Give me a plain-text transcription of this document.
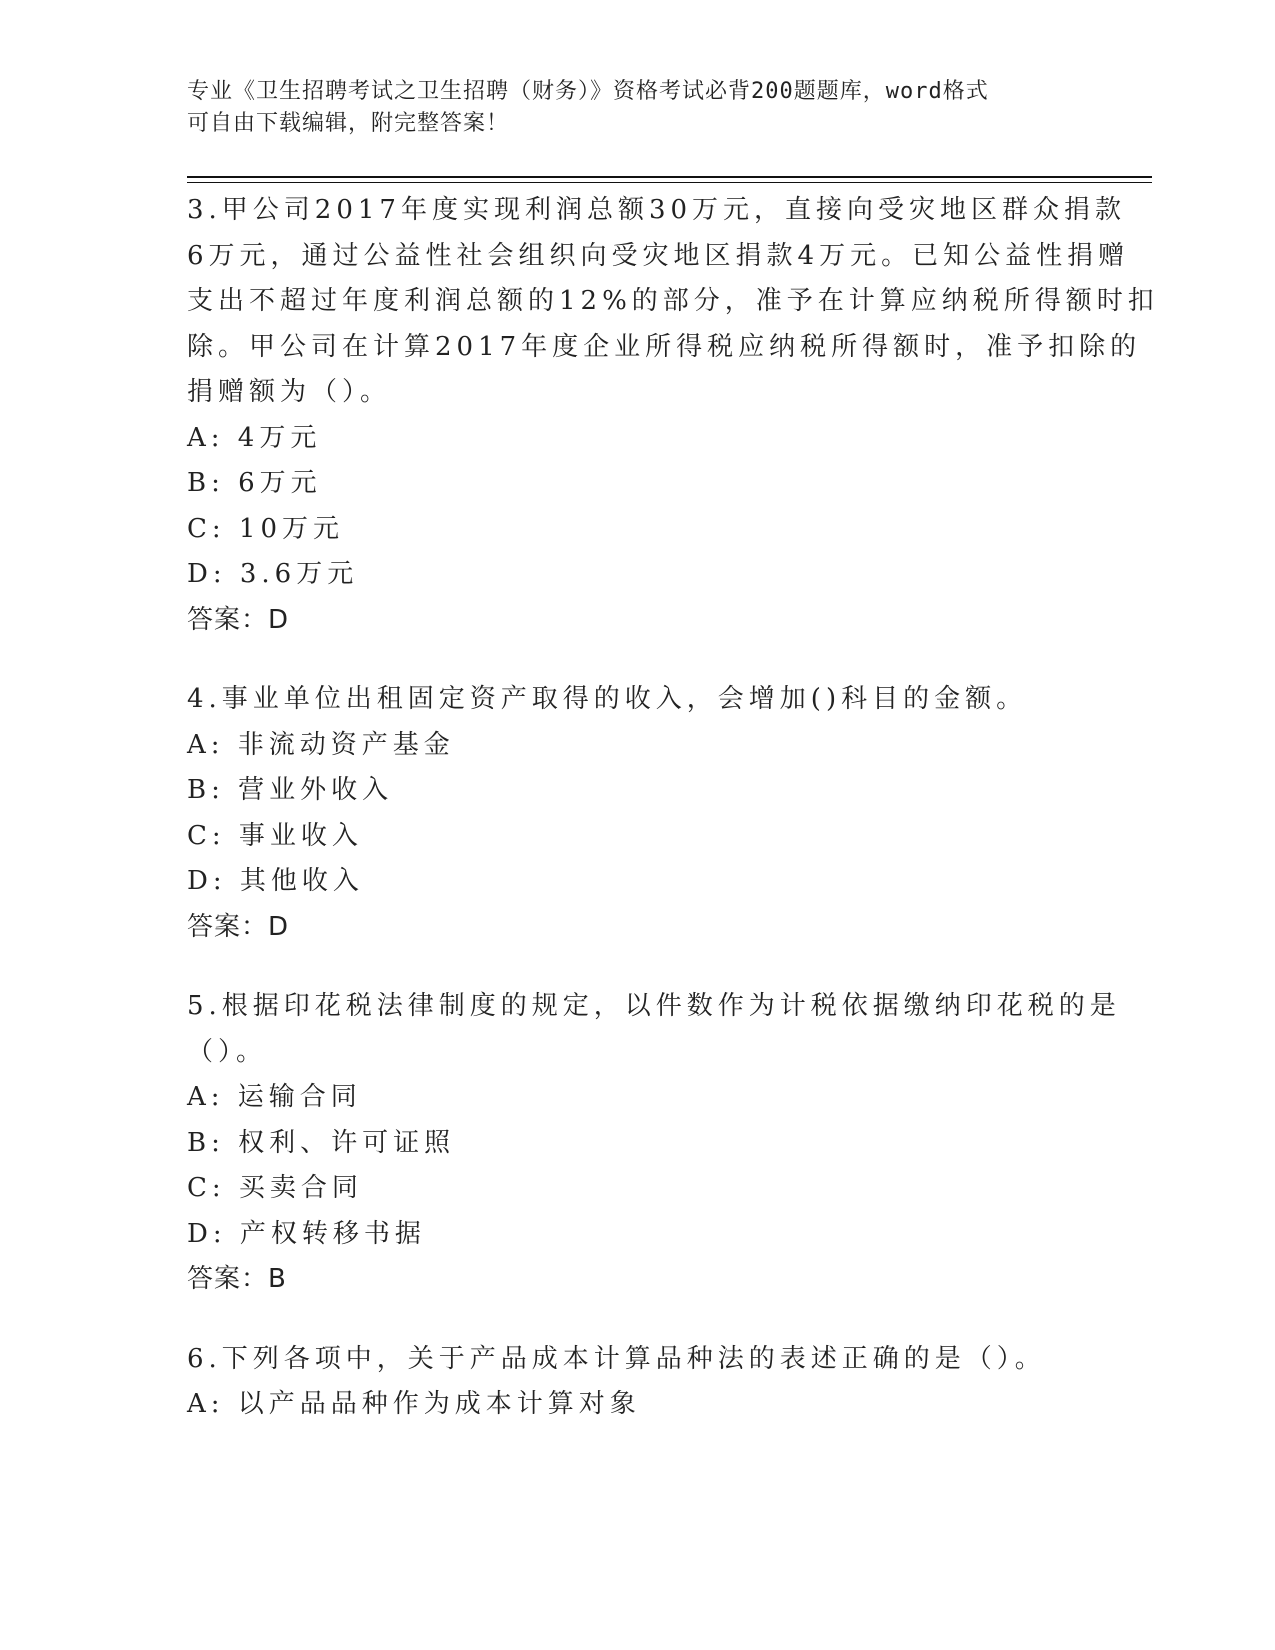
专业《卫生招聘考试之卫生招聘（财务）》资格考试必背200题题库，word格式
可自由下载编辑，附完整答案！
3.甲公司2017年度实现利润总额30万元，直接向受灾地区群众捐款
6万元，通过公益性社会组织向受灾地区捐款4万元。已知公益性捐赠
支出不超过年度利润总额的12%的部分，准予在计算应纳税所得额时扣
除。甲公司在计算2017年度企业所得税应纳税所得额时，准予扣除的
捐赠额为（）。
A: 4万元
B: 6万元
C: 10万元
D: 3.6万元
答案：D
4.事业单位出租固定资产取得的收入，会增加()科目的金额。
A: 非流动资产基金
B: 营业外收入
C: 事业收入
D: 其他收入
答案：D
5.根据印花税法律制度的规定，以件数作为计税依据缴纳印花税的是
（）。
A: 运输合同
B: 权利、许可证照
C: 买卖合同
D: 产权转移书据
答案：B
6.下列各项中，关于产品成本计算品种法的表述正确的是（）。
A: 以产品品种作为成本计算对象
